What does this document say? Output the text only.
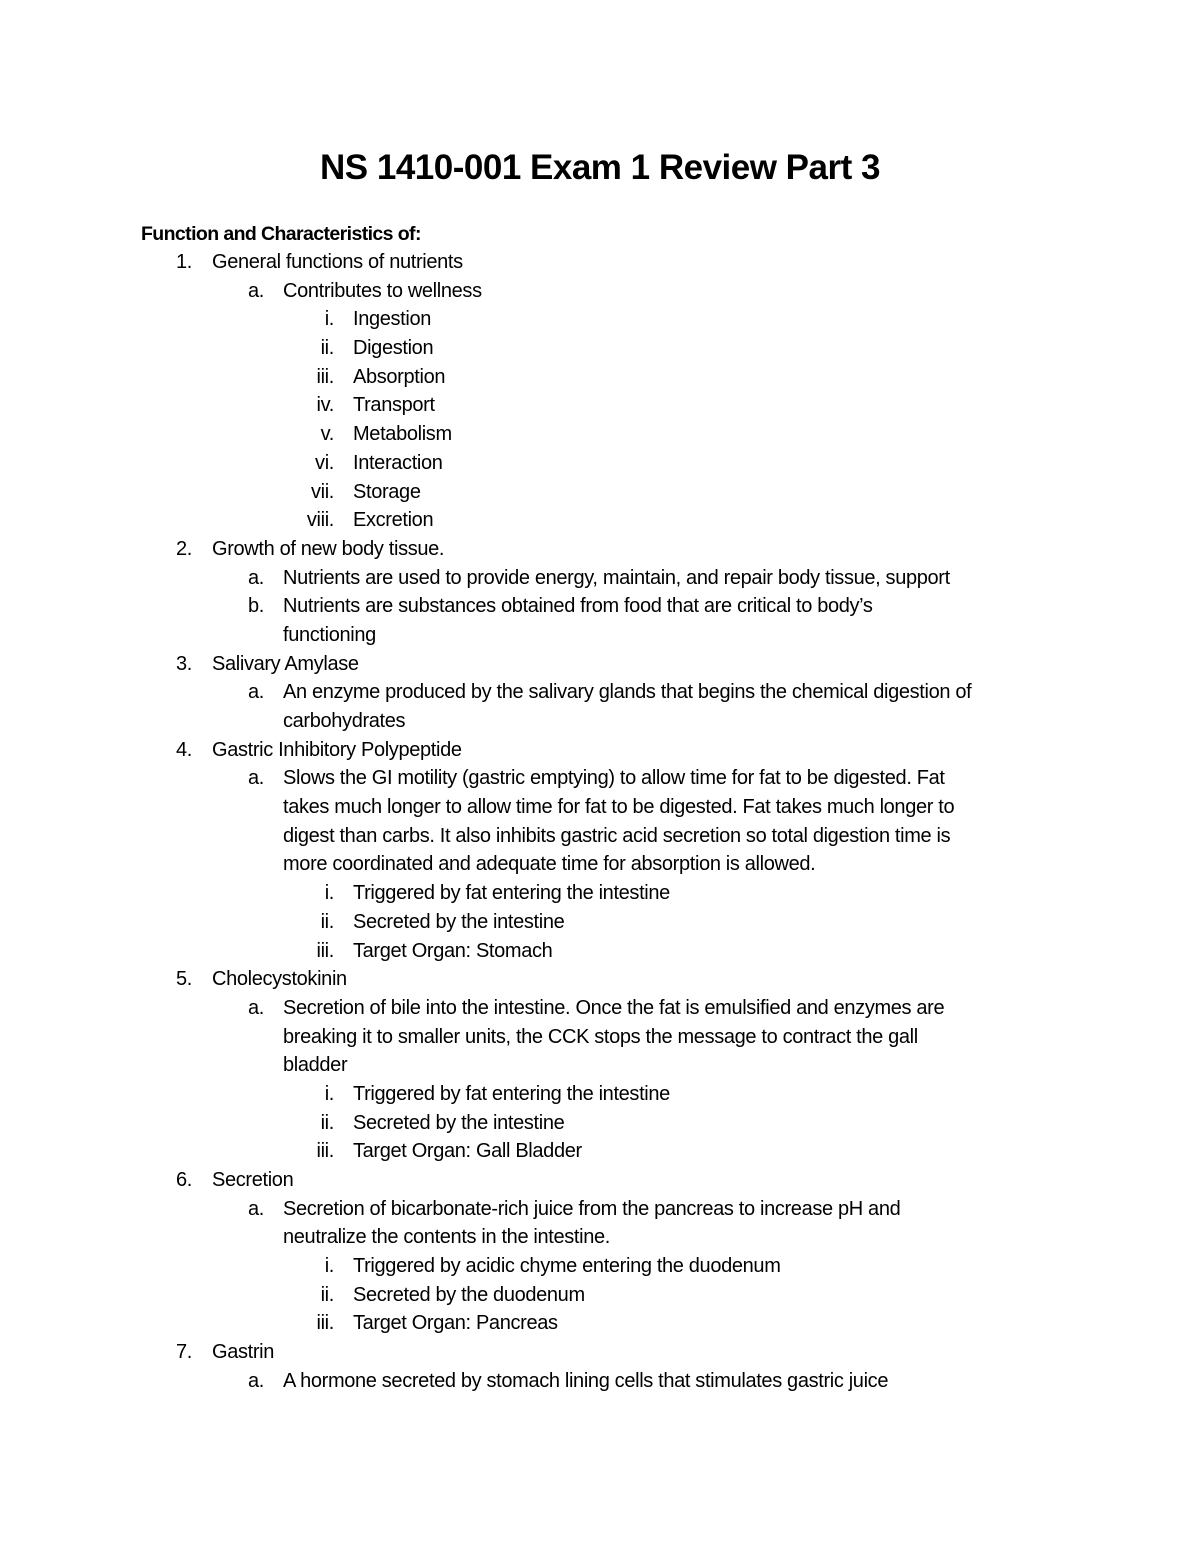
NS 1410-001 Exam 1 Review Part 3
Function and Characteristics of:
1. General functions of nutrients
a. Contributes to wellness
i. Ingestion
ii. Digestion
iii. Absorption
iv. Transport
v. Metabolism
vi. Interaction
vii. Storage
viii. Excretion
2. Growth of new body tissue.
a. Nutrients are used to provide energy, maintain, and repair body tissue, support
b. Nutrients are substances obtained from food that are critical to body’s
functioning
3. Salivary Amylase
a. An enzyme produced by the salivary glands that begins the chemical digestion of
carbohydrates
4. Gastric Inhibitory Polypeptide
a. Slows the GI motility (gastric emptying) to allow time for fat to be digested. Fat
takes much longer to allow time for fat to be digested. Fat takes much longer to
digest than carbs. It also inhibits gastric acid secretion so total digestion time is
more coordinated and adequate time for absorption is allowed.
i. Triggered by fat entering the intestine
ii. Secreted by the intestine
iii. Target Organ: Stomach
5. Cholecystokinin
a. Secretion of bile into the intestine. Once the fat is emulsified and enzymes are
breaking it to smaller units, the CCK stops the message to contract the gall
bladder
i. Triggered by fat entering the intestine
ii. Secreted by the intestine
iii. Target Organ: Gall Bladder
6. Secretion
a. Secretion of bicarbonate-rich juice from the pancreas to increase pH and
neutralize the contents in the intestine.
i. Triggered by acidic chyme entering the duodenum
ii. Secreted by the duodenum
iii. Target Organ: Pancreas
7. Gastrin
a. A hormone secreted by stomach lining cells that stimulates gastric juice
